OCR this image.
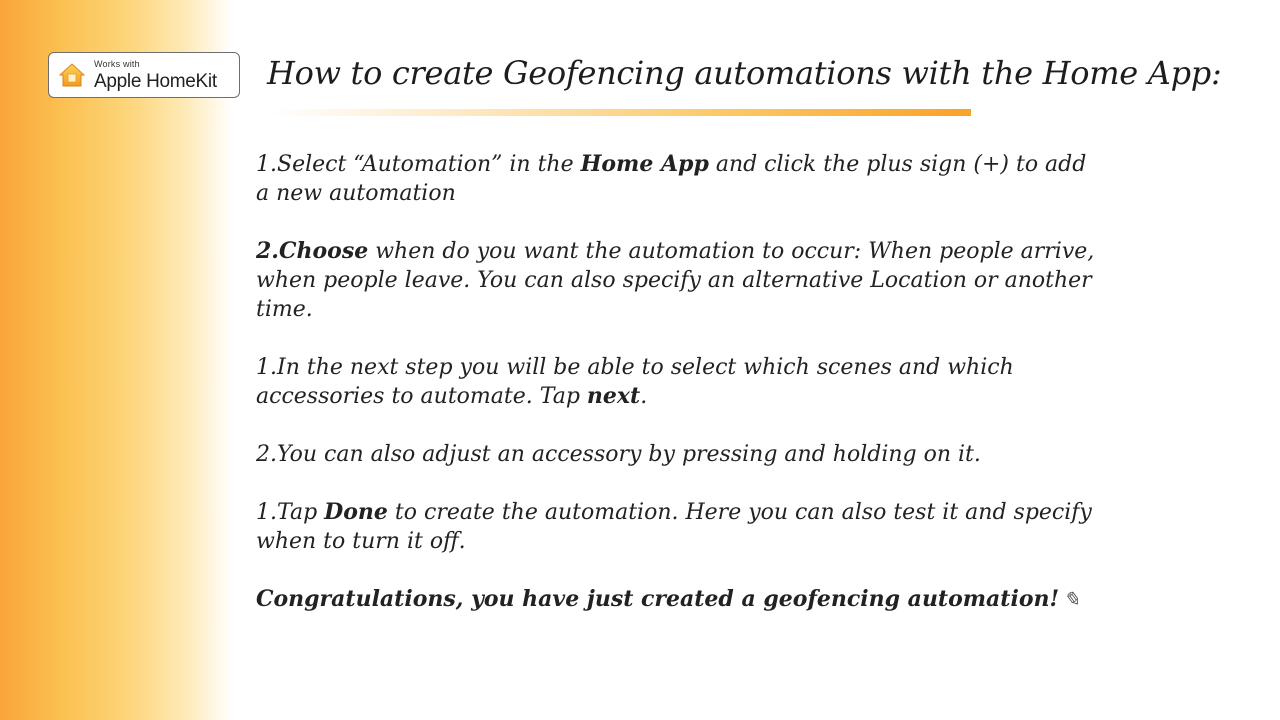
Works with
Apple HomeKit How to create Geofencing automations with the Home App:

1.Select “Automation” in the Home App and click the plus sign (+) to add a new automation

2.Choose when do you want the automation to occur: When people arrive, when people leave. You can also specify an alternative Location or another time.

1.In the next step you will be able to select which scenes and which accessories to automate. Tap next.

2.You can also adjust an accessory by pressing and holding on it.

1.Tap Done to create the automation. Here you can also test it and specify when to turn it off.

Congratulations, you have just created a geofencing automation! ✎
